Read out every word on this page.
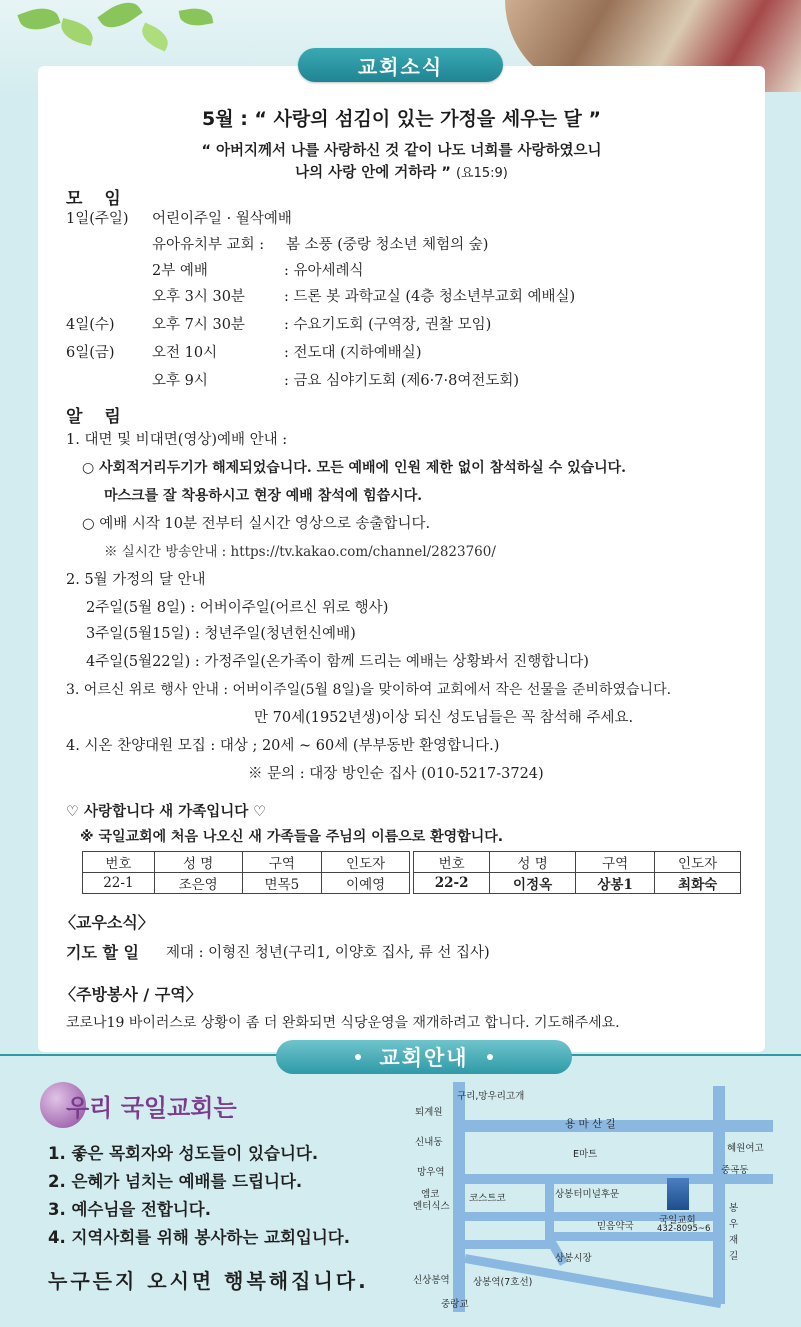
교회소식
5월 : “ 사랑의 섬김이 있는 가정을 세우는 달 ”
“ 아버지께서 나를 사랑하신 것 같이 나도 너희를 사랑하였으니
나의 사랑 안에 거하라 ” (요15:9)
모 임
1일(주일) 어린이주일 · 월삭예배
유아유치부 교회 : 봄 소풍 (중랑 청소년 체험의 숲)
2부 예배	: 유아세례식
오후 3시 30분	: 드론 봇 과학교실 (4층 청소년부교회 예배실)
4일(수)	오후 7시 30분	: 수요기도회 (구역장, 권찰 모임)
6일(금)	오전 10시	: 전도대 (지하예배실)
오후 9시	: 금요 심야기도회 (제6·7·8여전도회)
알 림
1. 대면 및 비대면(영상)예배 안내 :
○ 사회적거리두기가 해제되었습니다. 모든 예배에 인원 제한 없이 참석하실 수 있습니다.
마스크를 잘 착용하시고 현장 예배 참석에 힘씁시다.
○ 예배 시작 10분 전부터 실시간 영상으로 송출합니다.
※ 실시간 방송안내 : https://tv.kakao.com/channel/2823760/
2. 5월 가정의 달 안내
2주일(5월 8일) : 어버이주일(어르신 위로 행사)
3주일(5월15일) : 청년주일(청년헌신예배)
4주일(5월22일) : 가정주일(온가족이 함께 드리는 예배는 상황봐서 진행합니다)
3. 어르신 위로 행사 안내 : 어버이주일(5월 8일)을 맞이하여 교회에서 작은 선물을 준비하였습니다.
만 70세(1952년생)이상 되신 성도님들은 꼭 참석해 주세요.
4. 시온 찬양대원 모집 : 대상 ; 20세 ~ 60세 (부부동반 환영합니다.)
※ 문의 : 대장 방인순 집사 (010-5217-3724)
♡ 사랑합니다 새 가족입니다 ♡
※ 국일교회에 처음 나오신 새 가족들을 주님의 이름으로 환영합니다.
번호	성 명	구역	인도자
22-1	조은영	면목5	이예영
번호	성 명	구역	인도자
22-2	이정옥	상봉1	최화숙
〈교우소식〉
기도 할 일 제대 : 이형진 청년(구리1, 이양호 집사, 류 선 집사)
〈주방봉사 / 구역〉
코로나19 바이러스로 상황이 좀 더 완화되면 식당운영을 재개하려고 합니다. 기도해주세요.
교회안내
우리 국일교회는
1. 좋은 목회자와 성도들이 있습니다.
2. 은혜가 넘치는 예배를 드립니다.
3. 예수님을 전합니다.
4. 지역사회를 위해 봉사하는 교회입니다.
누구든지 오시면 행복해집니다.
구리,망우리고개
퇴계원
용 마 산 길
신내동
E마트
혜원여고
망우역	중곡동
엠코
엔터식스
코스트코	상봉터미널후문
믿음약국
국일교회
432-8095~6
봉
우
재
길
상봉시장
신상봉역 상봉역(7호선)
중랑교
